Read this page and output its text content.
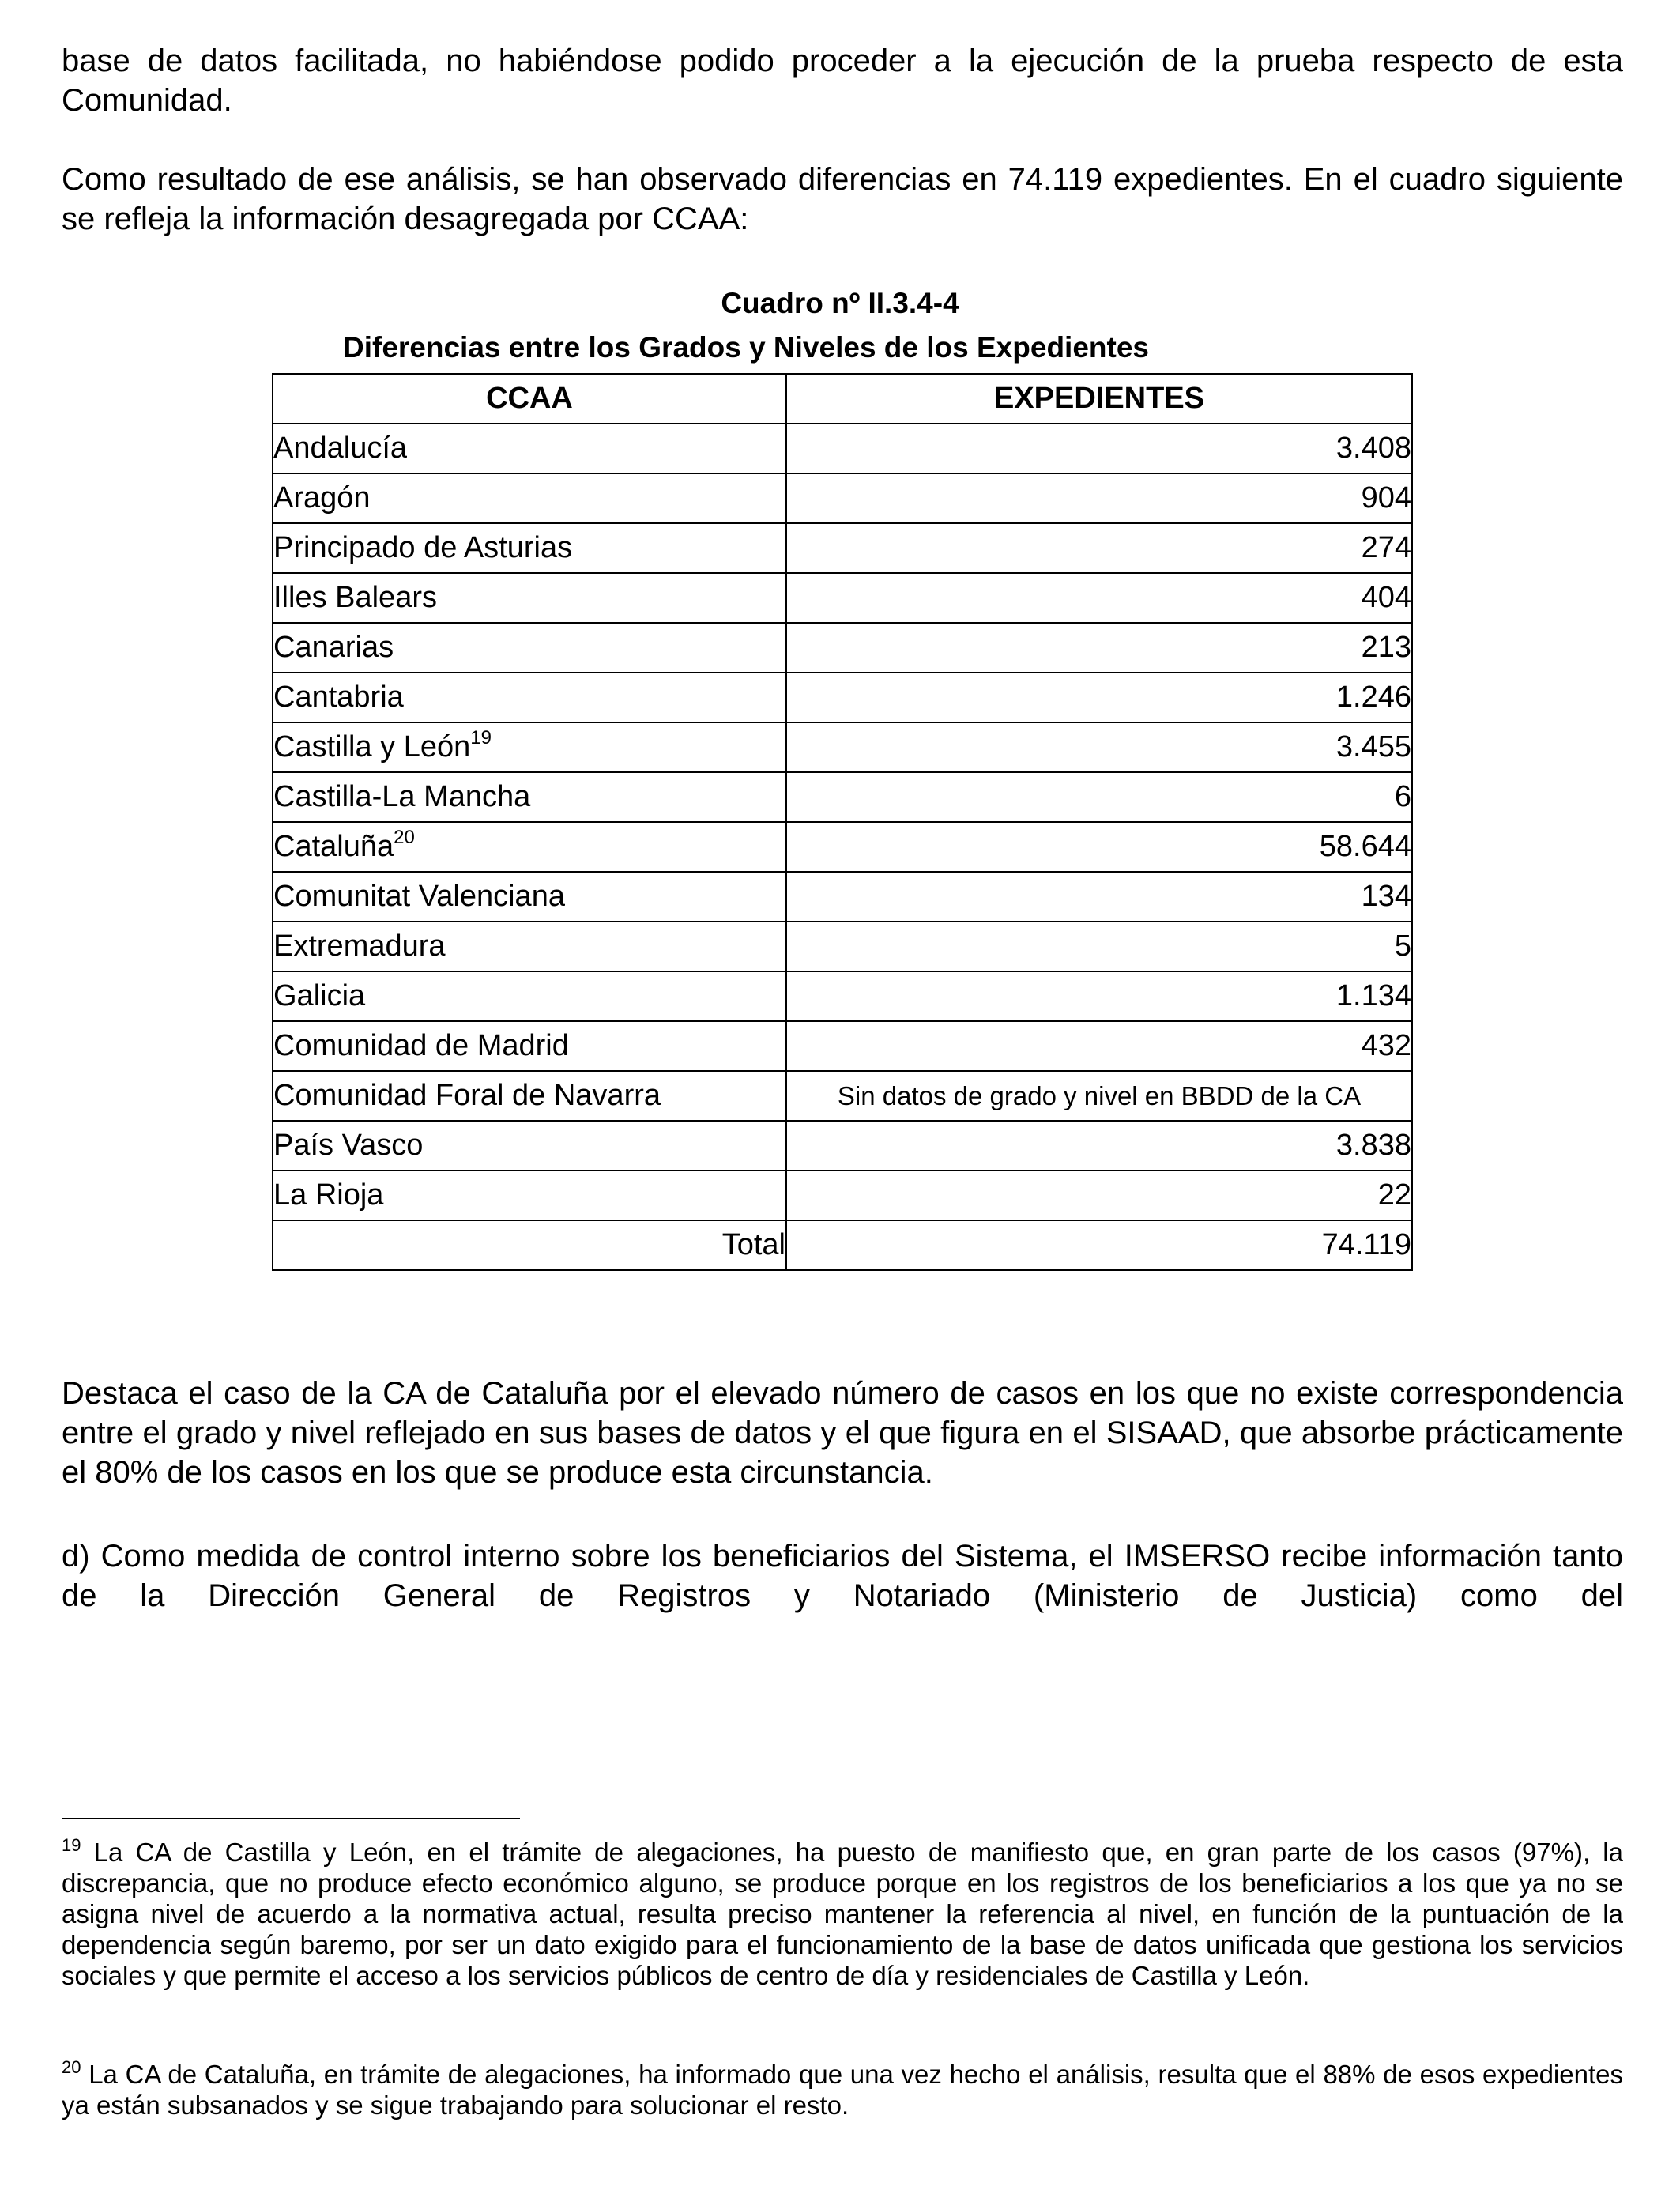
base de datos facilitada, no habiéndose podido proceder a la ejecución de la prueba respecto de esta Comunidad.

Como resultado de ese análisis, se han observado diferencias en 74.119 expedientes. En el cuadro siguiente se refleja la información desagregada por CCAA:

Cuadro nº II.3.4-4
Diferencias entre los Grados y Niveles de los Expedientes
CCAA	EXPEDIENTES
Andalucía	3.408
Aragón	904
Principado de Asturias	274
Illes Balears	404
Canarias	213
Cantabria	1.246
Castilla y León$^{19}$	3.455
Castilla-La Mancha	6
Cataluña$^{20}$	58.644
Comunitat Valenciana	134
Extremadura	5
Galicia	1.134
Comunidad de Madrid	432
Comunidad Foral de Navarra	Sin datos de grado y nivel en BBDD de la CA
País Vasco	3.838
La Rioja	22
Total	74.119

Destaca el caso de la CA de Cataluña por el elevado número de casos en los que no existe correspondencia entre el grado y nivel reflejado en sus bases de datos y el que figura en el SISAAD, que absorbe prácticamente el 80% de los casos en los que se produce esta circunstancia.

d) Como medida de control interno sobre los beneficiarios del Sistema, el IMSERSO recibe información tanto de la Dirección General de Registros y Notariado (Ministerio de Justicia) como del

$^{19}$ La CA de Castilla y León, en el trámite de alegaciones, ha puesto de manifiesto que, en gran parte de los casos (97%), la discrepancia, que no produce efecto económico alguno, se produce porque en los registros de los beneficiarios a los que ya no se asigna nivel de acuerdo a la normativa actual, resulta preciso mantener la referencia al nivel, en función de la puntuación de la dependencia según baremo, por ser un dato exigido para el funcionamiento de la base de datos unificada que gestiona los servicios sociales y que permite el acceso a los servicios públicos de centro de día y residenciales de Castilla y León.

$^{20}$ La CA de Cataluña, en trámite de alegaciones, ha informado que una vez hecho el análisis, resulta que el 88% de esos expedientes ya están subsanados y se sigue trabajando para solucionar el resto.
